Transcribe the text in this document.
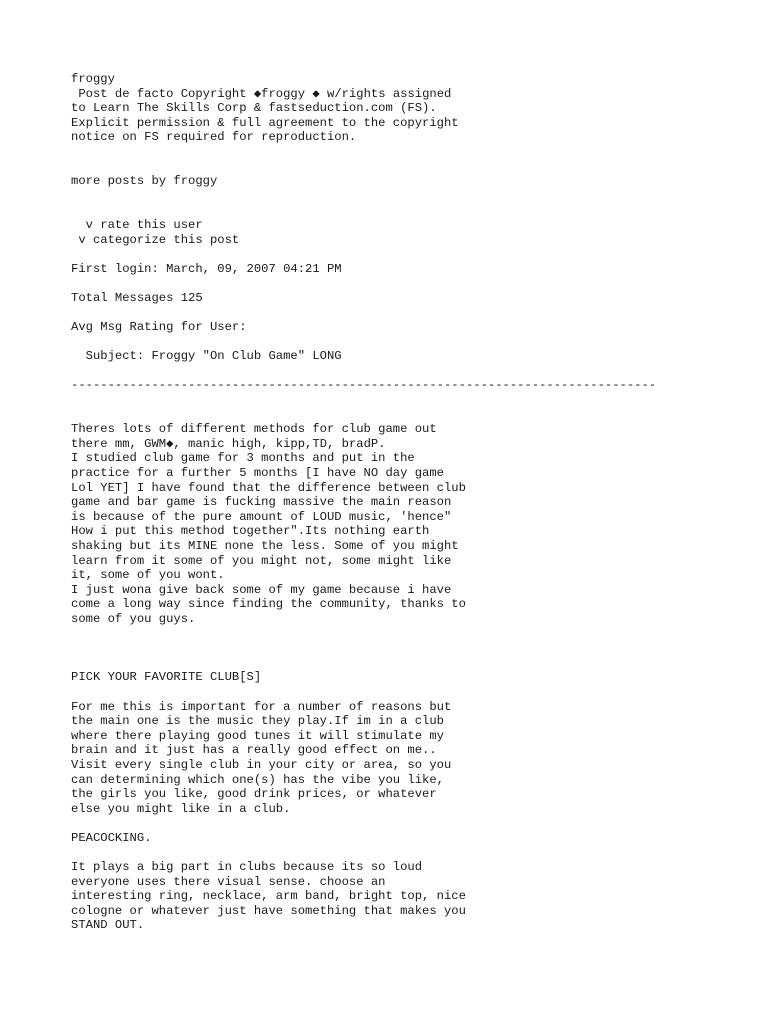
froggy
Post de facto Copyright ◆froggy ◆ w/rights assigned
to Learn The Skills Corp & fastseduction.com (FS).
Explicit permission & full agreement to the copyright
notice on FS required for reproduction.
more posts by froggy
v rate this user
v categorize this post
First login: March, 09, 2007 04:21 PM
Total Messages 125
Avg Msg Rating for User:
Subject: Froggy "On Club Game" LONG
--------------------------------------------------------------------------------
Theres lots of different methods for club game out
there mm, GWM◆, manic high, kipp,TD, bradP.
I studied club game for 3 months and put in the
practice for a further 5 months [I have NO day game
Lol YET] I have found that the difference between club
game and bar game is fucking massive the main reason
is because of the pure amount of LOUD music, 'hence"
How i put this method together".Its nothing earth
shaking but its MINE none the less. Some of you might
learn from it some of you might not, some might like
it, some of you wont.
I just wona give back some of my game because i have
come a long way since finding the community, thanks to
some of you guys.
PICK YOUR FAVORITE CLUB[S]
For me this is important for a number of reasons but
the main one is the music they play.If im in a club
where there playing good tunes it will stimulate my
brain and it just has a really good effect on me..
Visit every single club in your city or area, so you
can determining which one(s) has the vibe you like,
the girls you like, good drink prices, or whatever
else you might like in a club.
PEACOCKING.
It plays a big part in clubs because its so loud
everyone uses there visual sense. choose an
interesting ring, necklace, arm band, bright top, nice
cologne or whatever just have something that makes you
STAND OUT.
